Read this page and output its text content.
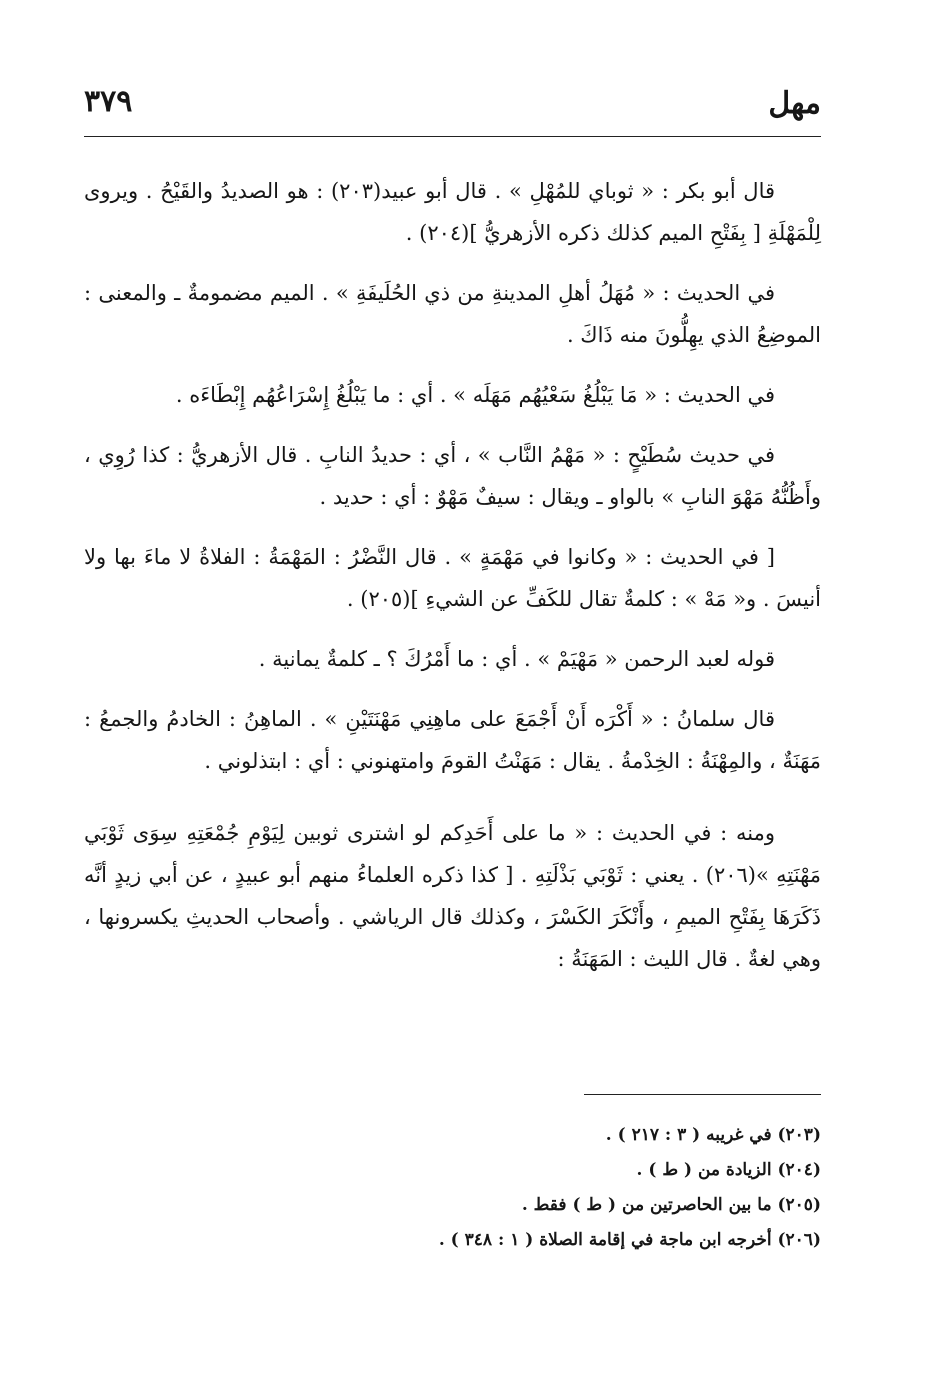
مهل
٣٧٩

قال أبو بكر : « ثوباي للمُهْلِ » . قال أبو عبيد(٢٠٣) : هو الصديدُ والقَيْحُ . ويروى لِلْمَهْلَةِ [ بِفَتْحِ الميم كذلك ذكره الأزهريُّ ](٢٠٤) .

في الحديث : « مُهَلُ أهلِ المدينةِ من ذي الحُلَيفَةِ » . الميم مضمومةٌ ـ والمعنى : الموضِعُ الذي يهِلُّونَ منه ذَاكَ .

في الحديث : « مَا يَبْلُغُ سَعْيُهُم مَهَلَه » . أي : ما يَبْلُغُ إِسْرَاعُهُم إِبْطَاءَه .

في حديث سُطَيْحٍ : « مَهْمُ النَّاب » ، أي : حديدُ النابِ . قال الأزهريُّ : كذا رُوِي ، وأَظُنُّهُ مَهْوَ النابِ » بالواو ـ ويقال : سيفٌ مَهْوٌ : أي : حديد .

[ في الحديث : « وكانوا في مَهْمَةٍ » . قال النَّضْرُ : المَهْمَةُ : الفلاةُ لا ماءَ بها ولا أنيسَ . و« مَهْ » : كلمةٌ تقال للكَفِّ عن الشيءِ ](٢٠٥) .

قوله لعبد الرحمن « مَهْيَمْ » . أي : ما أَمْرُكَ ؟ ـ كلمةٌ يمانية .

قال سلمانُ : « أَكْرَه أَنْ أَجْمَعَ على ماهِنِي مَهْنَتَيْنِ » . الماهِنُ : الخادمُ والجمعُ : مَهَنَةٌ ، والمِهْنَةُ : الخِدْمةُ . يقال : مَهَنْتُ القومَ وامتهنوني : أي : ابتذلوني .

ومنه : في الحديث : « ما على أَحَدِكم لو اشترى ثوبين لِيَوْمِ جُمْعَتِهِ سِوَى ثَوْبَي مَهْنَتِهِ »(٢٠٦) . يعني : ثَوْبَي بَذْلَتِهِ . [ كذا ذكره العلماءُ منهم أبو عبيدٍ ، عن أبي زيدٍ أنَّه ذَكَرَهَا بِفَتْحِ الميمِ ، وأَنْكَرَ الكَسْرَ ، وكذلك قال الرياشي . وأصحاب الحديثِ يكسرونها ، وهي لغةٌ . قال الليث : المَهَنَةُ :

(٢٠٣) في غريبه ( ٣ : ٢١٧ ) .
(٢٠٤) الزيادة من ( ط ) .
(٢٠٥) ما بين الحاصرتين من ( ط ) فقط .
(٢٠٦) أخرجه ابن ماجة في إقامة الصلاة ( ١ : ٣٤٨ ) .
